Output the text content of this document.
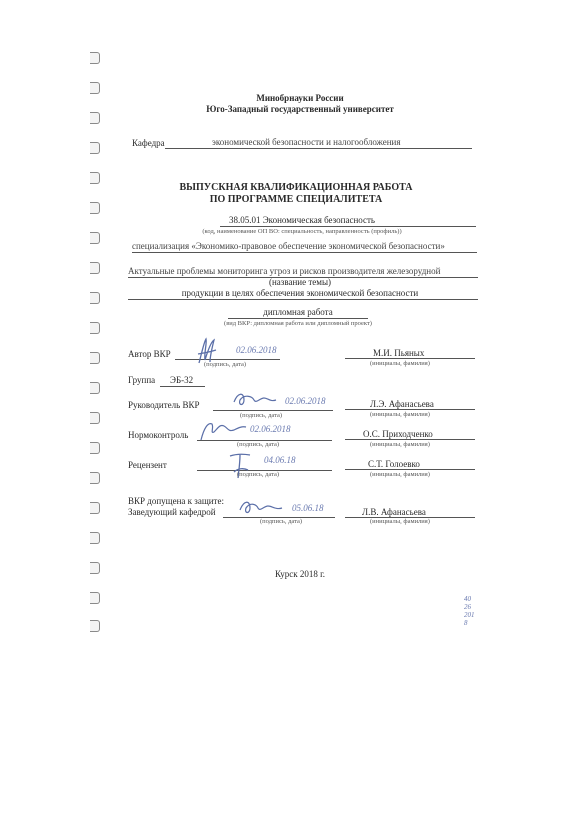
Минобрнауки России
Юго-Западный государственный университет
Кафедра	экономической безопасности и налогообложения
ВЫПУСКНАЯ КВАЛИФИКАЦИОННАЯ РАБОТА
ПО ПРОГРАММЕ СПЕЦИАЛИТЕТА
38.05.01 Экономическая безопасность
(код, наименование ОП ВО: специальность, направленность (профиль))
специализация «Экономико-правовое обеспечение экономической безопасности»
Актуальные проблемы мониторинга угроз и рисков производителя железорудной
(название темы)
продукции в целях обеспечения экономической безопасности
дипломная работа
(вид ВКР: дипломная работа или дипломный проект)
Автор ВКР	02.06.2018
(подпись, дата)
М.И. Пьяных
(инициалы, фамилия)
Группа ЭБ-32
Руководитель ВКР	02.06.2018
(подпись, дата)
Л.Э. Афанасьева
(инициалы, фамилия)
Нормоконтроль
02.06.2018
(подпись, дата)
О.С. Приходченко
(инициалы, фамилия)
Рецензент	04.06.18
(подпись, дата)
С.Т. Голоевко
(инициалы, фамилия)
ВКР допущена к защите:
Заведующий кафедрой	05.06.18
(подпись, дата)
Л.В. Афанасьева
(инициалы, фамилия)
Курск 2018 г.
40 26 2018
